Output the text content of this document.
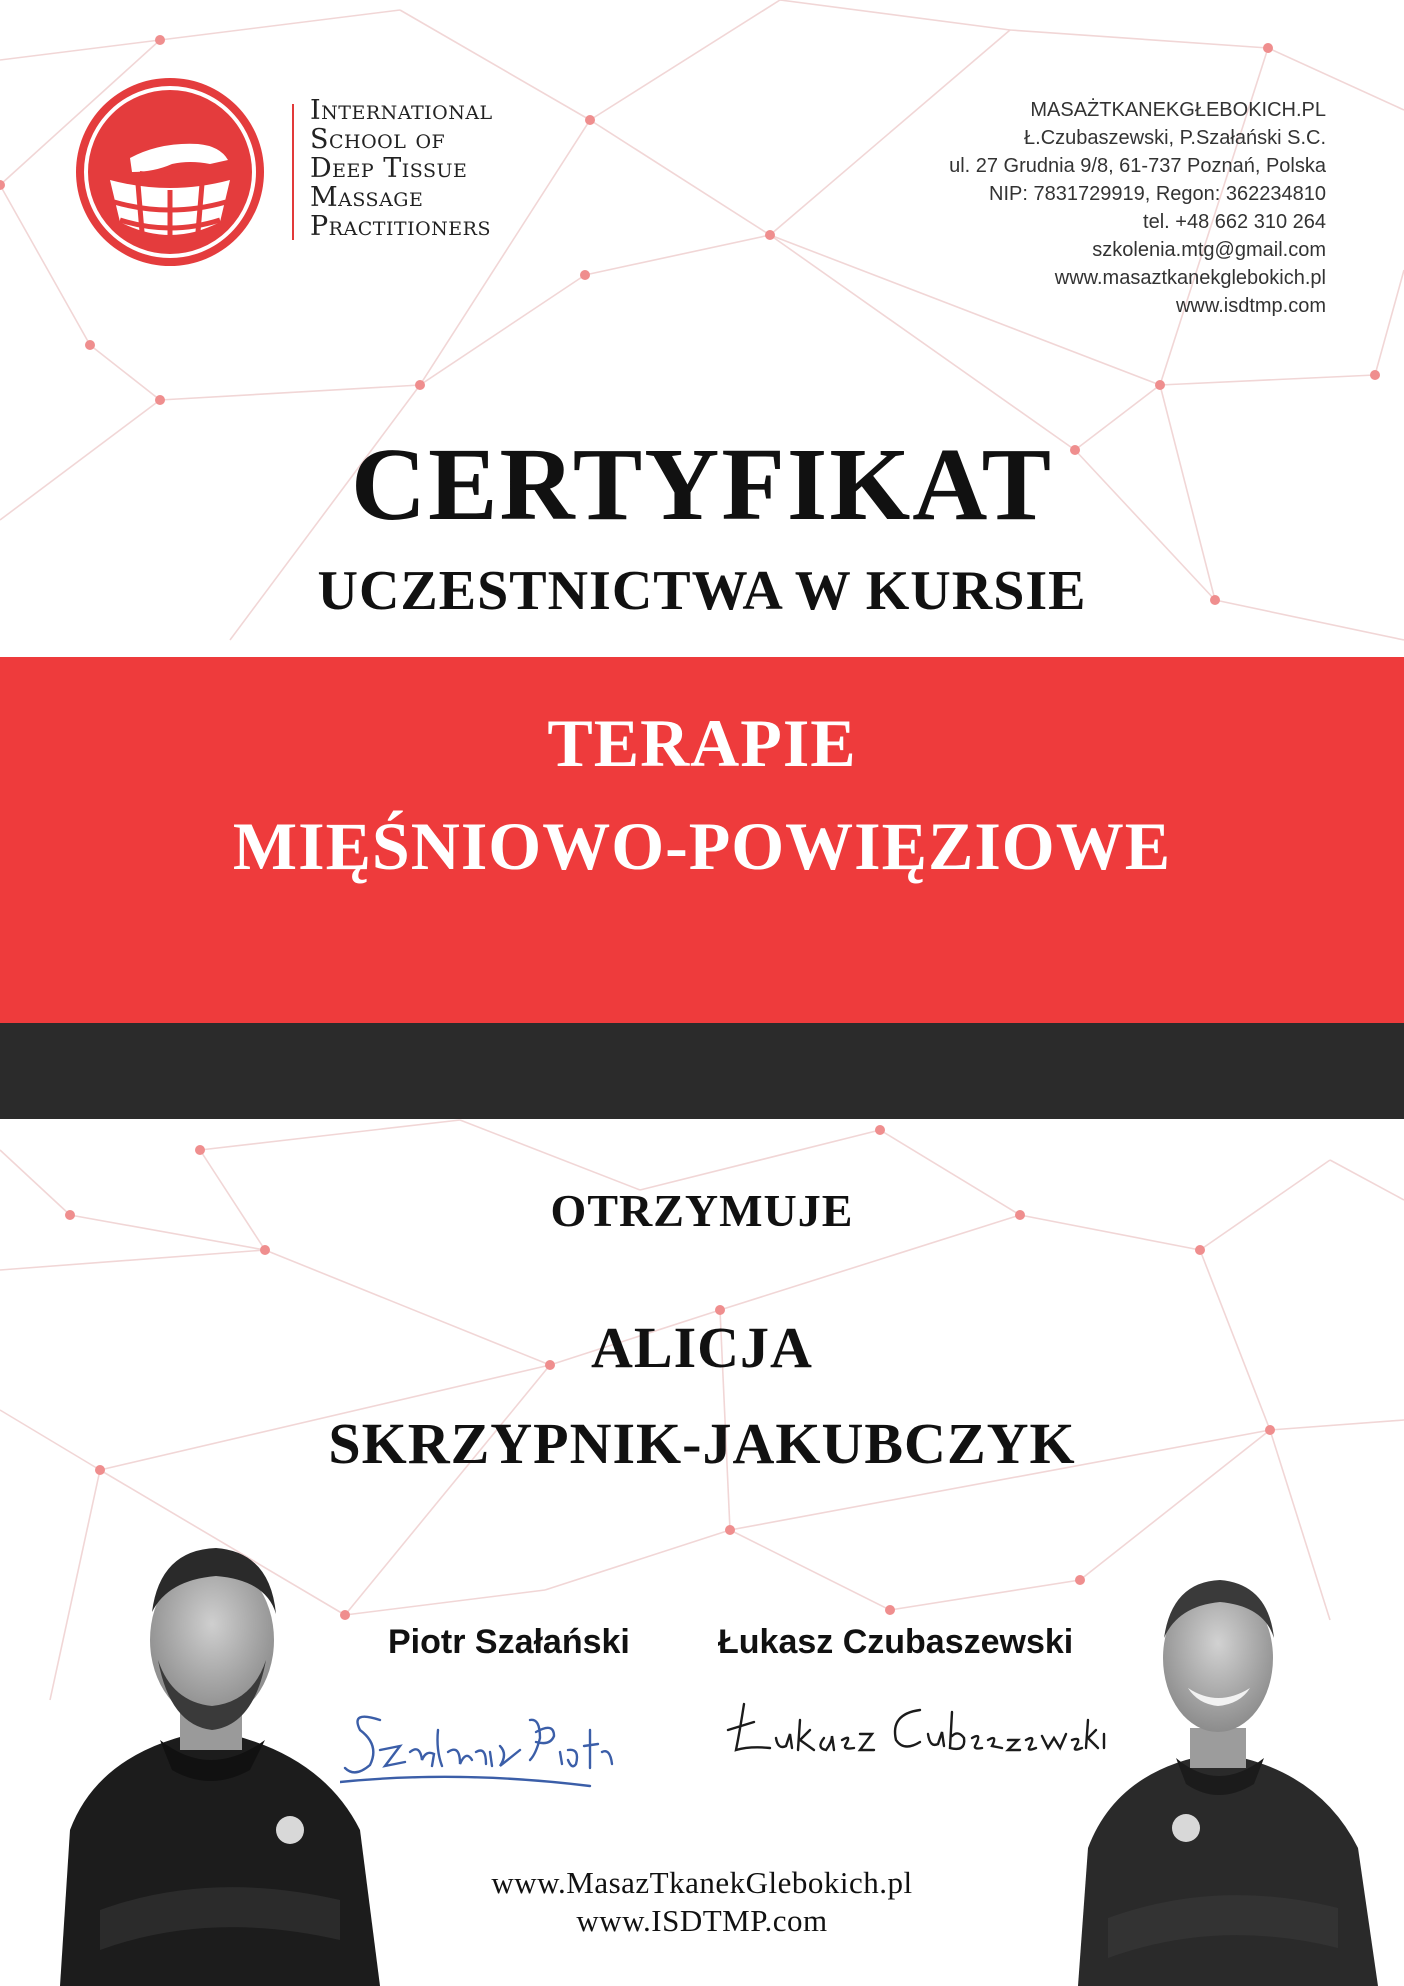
International
School of
Deep Tissue
Massage
Practitioners
MASAŻTKANEKGŁEBOKICH.PL
Ł.Czubaszewski, P.Szałański S.C.
ul. 27 Grudnia 9/8, 61-737 Poznań, Polska
NIP: 7831729919, Regon: 362234810
tel. +48 662 310 264
szkolenia.mtg@gmail.com
www.masaztkanekglebokich.pl
www.isdtmp.com
CERTYFIKAT
UCZESTNICTWA W KURSIE
TERAPIE
MIĘŚNIOWO-POWIĘZIOWE
OTRZYMUJE
ALICJA
SKRZYPNIK-JAKUBCZYK
Piotr Szałański	Łukasz Czubaszewski
www.MasazTkanekGlebokich.pl
www.ISDTMP.com
